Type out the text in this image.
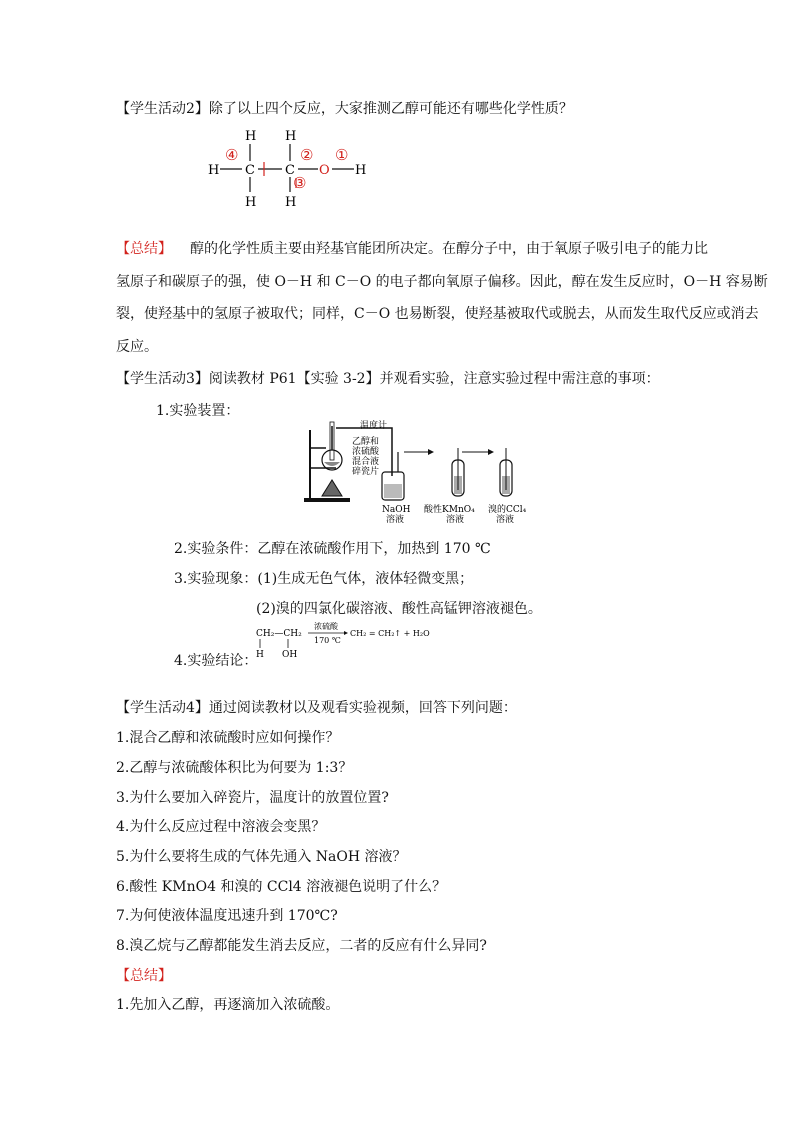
【学生活动2】除了以上四个反应，大家推测乙醇可能还有哪些化学性质？
H C C O H
H H
H H
④	② ①
③
【总结】 醇的化学性质主要由羟基官能团所决定。在醇分子中，由于氧原子吸引电子的能力比
氢原子和碳原子的强，使 O－H 和 C－O 的电子都向氧原子偏移。因此，醇在发生反应时，O－H 容易断
裂，使羟基中的氢原子被取代；同样，C－O 也易断裂，使羟基被取代或脱去，从而发生取代反应或消去
反应。
【学生活动3】阅读教材 P61【实验 3-2】并观看实验，注意实验过程中需注意的事项：
1.实验装置：
温度计
乙醇和
浓硫酸
混合液
碎瓷片
NaOH
溶液
酸性KMnO₄
溶液
溴的CCl₄
溶液
2.实验条件：乙醇在浓硫酸作用下，加热到 170 ℃
3.实验现象：(1)生成无色气体，液体轻微变黑；
(2)溴的四氯化碳溶液、酸性高锰钾溶液褪色。
4.实验结论：
CH₂—CH₂
H OH
浓硫酸
170 ℃
CH₂ = CH₂↑ + H₂O
【学生活动4】通过阅读教材以及观看实验视频，回答下列问题：
1.混合乙醇和浓硫酸时应如何操作？
2.乙醇与浓硫酸体积比为何要为 1:3？
3.为什么要加入碎瓷片，温度计的放置位置?
4.为什么反应过程中溶液会变黑？
5.为什么要将生成的气体先通入 NaOH 溶液？
6.酸性 KMnO4 和溴的 CCl4 溶液褪色说明了什么？
7.为何使液体温度迅速升到 170℃?
8.溴乙烷与乙醇都能发生消去反应，二者的反应有什么异同?
【总结】
1.先加入乙醇，再逐滴加入浓硫酸。
